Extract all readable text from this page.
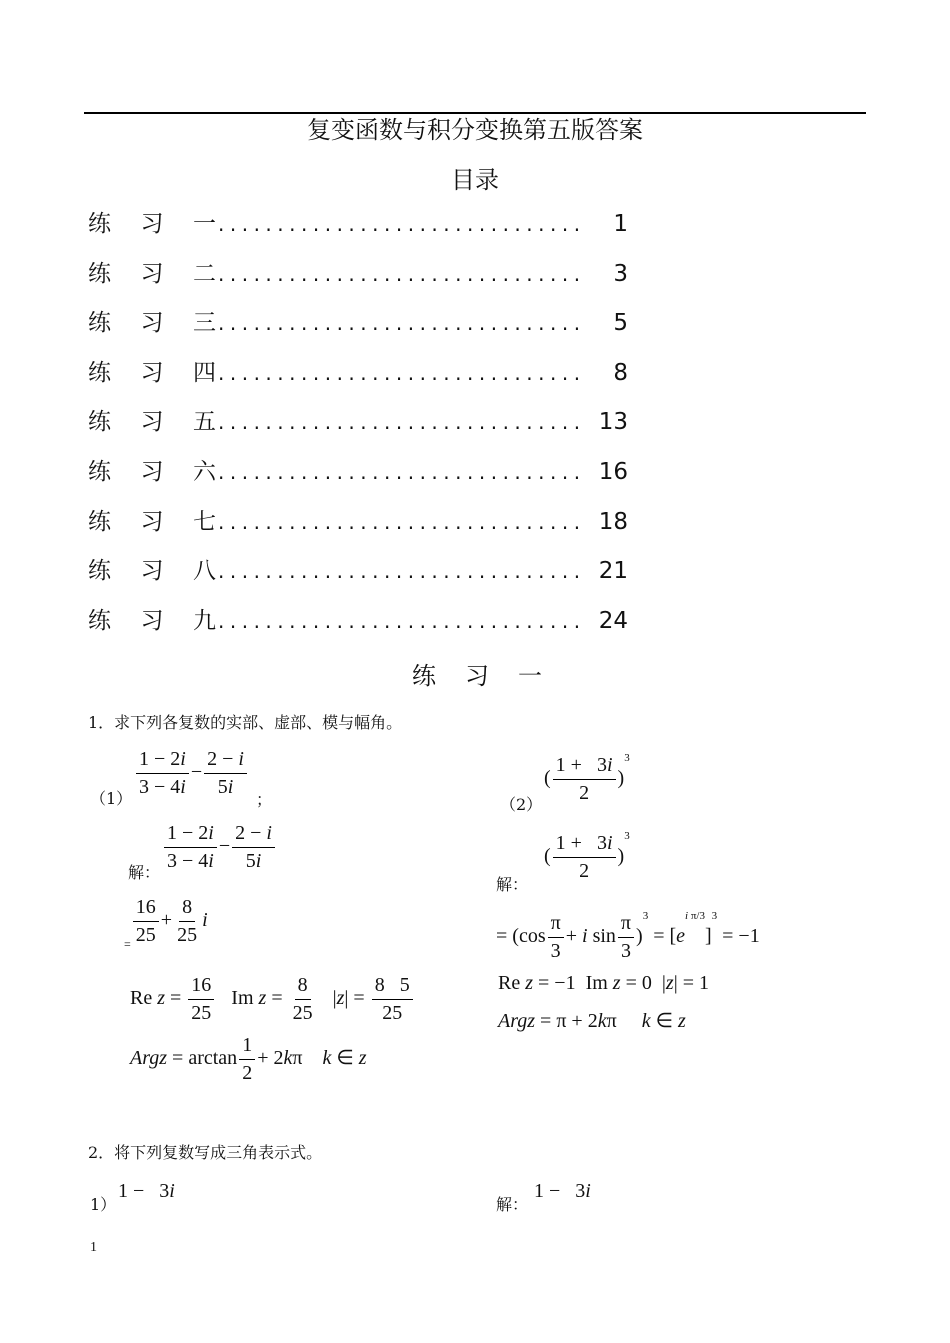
复变函数与积分变换第五版答案
目录
练 习 一 ...............................	1
练 习 二 ...............................	3
练 习 三 ...............................	5
练 习 四 ...............................	8
练 习 五 ............................... 13
练 习 六 ............................... 16
练 习 七 ............................... 18
练 习 八 ............................... 21
练 习 九 ............................... 24
练 习 一
1．求下列各复数的实部、虚部、模与幅角。
$(1) \frac{1 - 2i}{3 - 4i} - \frac{2 - i}{5i}$ ；
解： $\frac{1 - 2i}{3 - 4i} - \frac{2 - i}{5i}$
$_= \frac{16}{25} + \frac{8}{25}$ i
Re $z = \frac{16}{25}$ Im $z = \frac{8}{25} |z| = \frac{8 5}{25}$
Argz = $\arctan \frac{1}{2} + 2k\pi$    k ∈ z
（2）
( $\frac{1 + 3i}{2} )^3$
解：
( $\frac{1 + 3i}{2} )^3$
= ($\cos \frac{\pi}{3} + i$ $\sin \frac{\pi}{3} )^3 = [e^{i \pi/3}]^3 = -1$
Re z = −1  Im z = 0  |z| = 1
Argz = π + 2kπ     k ∈ z
2．将下列复数写成三角表示式。
1）
1 −   3i
解：
1 −   3i
1
